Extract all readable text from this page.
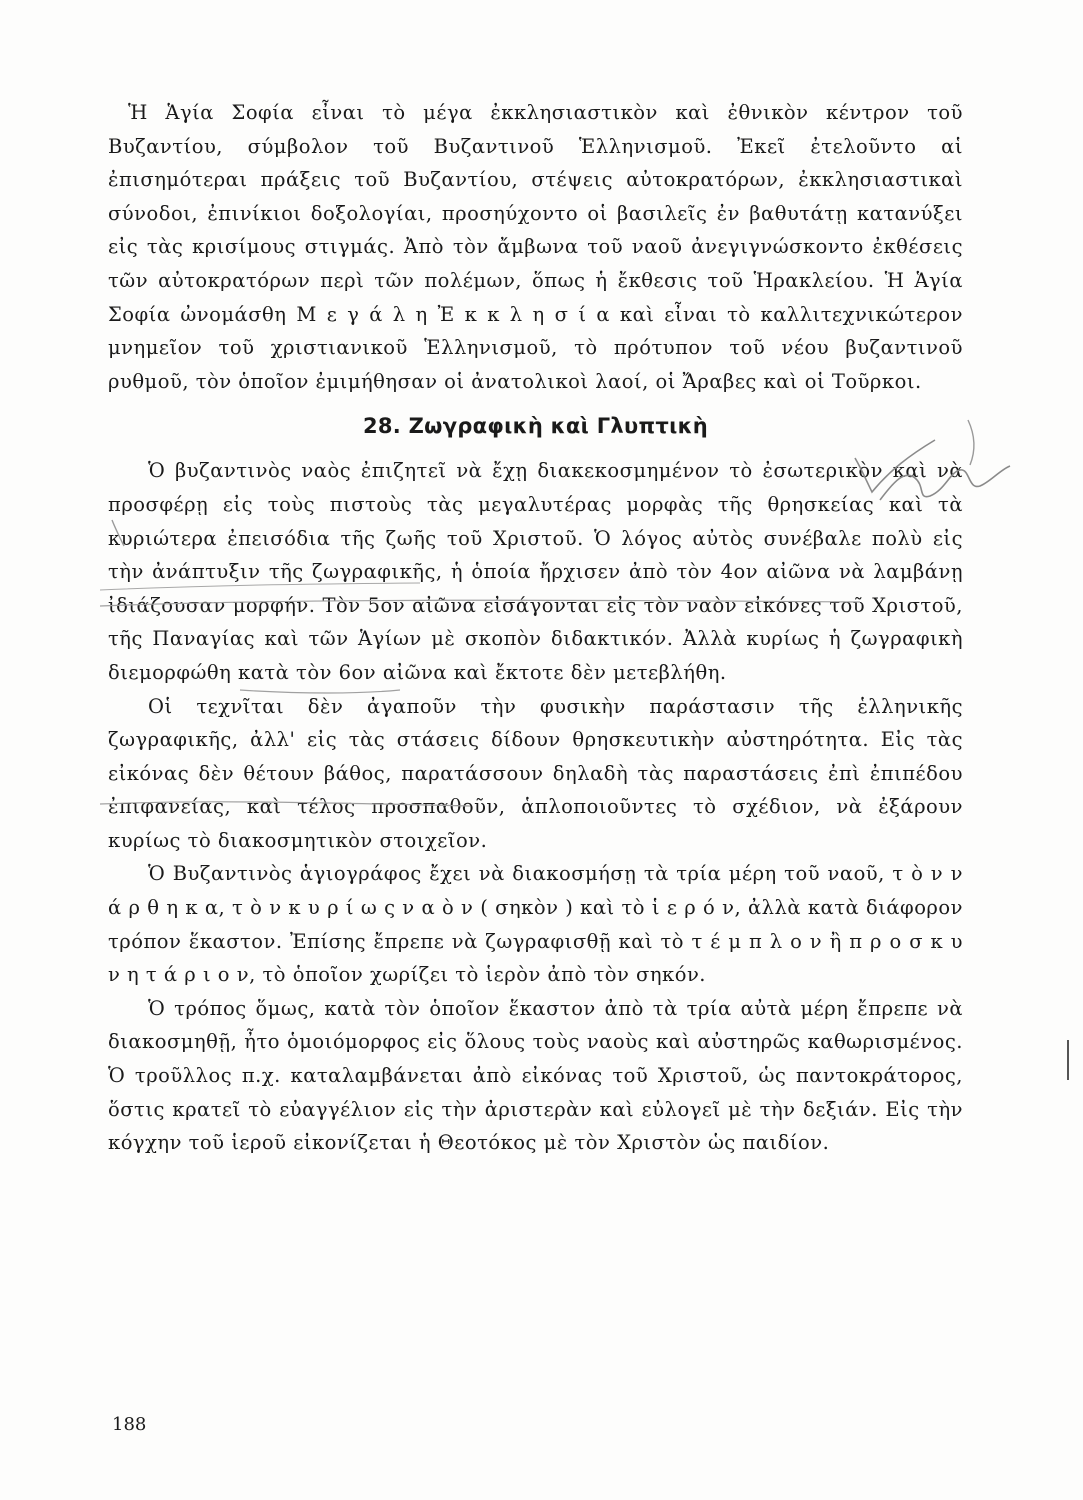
Ἡ Ἁγία Σοφία εἶναι τὸ μέγα ἐκκλησιαστικὸν καὶ ἐθνικὸν κέντρον τοῦ Βυζαντίου, σύμβολον τοῦ Βυζαντινοῦ Ἑλληνισμοῦ. Ἐκεῖ ἐτελοῦντο αἱ ἐπισημότεραι πράξεις τοῦ Βυζαντίου, στέψεις αὐτοκρατόρων, ἐκκλησιαστικαὶ σύνοδοι, ἐπινίκιοι δοξολογίαι, προσηύχοντο οἱ βασιλεῖς ἐν βαθυτάτῃ κατανύξει εἰς τὰς κρισίμους στιγμάς. Ἀπὸ τὸν ἄμβωνα τοῦ ναοῦ ἀνεγιγνώσκοντο ἐκθέσεις τῶν αὐτοκρατόρων περὶ τῶν πολέμων, ὅπως ἡ ἔκθεσις τοῦ Ἡρακλείου. Ἡ Ἁγία Σοφία ὠνομάσθη Μ ε γ ά λ η Ἐ κ κ λ η σ ί α καὶ εἶναι τὸ καλλιτεχνικώτερον μνημεῖον τοῦ χριστιανικοῦ Ἑλληνισμοῦ, τὸ πρότυπον τοῦ νέου βυζαντινοῦ ρυθμοῦ, τὸν ὁποῖον ἐμιμήθησαν οἱ ἀνατολικοὶ λαοί, οἱ Ἄραβες καὶ οἱ Τοῦρκοι.

28. Ζωγραφικὴ καὶ Γλυπτικὴ

Ὁ βυζαντινὸς ναὸς ἐπιζητεῖ νὰ ἔχῃ διακεκοσμημένον τὸ ἐσωτερικὸν καὶ νὰ προσφέρῃ εἰς τοὺς πιστοὺς τὰς μεγαλυτέρας μορφὰς τῆς θρησκείας καὶ τὰ κυριώτερα ἐπεισόδια τῆς ζωῆς τοῦ Χριστοῦ. Ὁ λόγος αὐτὸς συνέβαλε πολὺ εἰς τὴν ἀνάπτυξιν τῆς ζωγραφικῆς, ἡ ὁποία ἤρχισεν ἀπὸ τὸν 4ον αἰῶνα νὰ λαμβάνῃ ἰδιάζουσαν μορφήν. Τὸν 5ον αἰῶνα εἰσάγονται εἰς τὸν ναὸν εἰκόνες τοῦ Χριστοῦ, τῆς Παναγίας καὶ τῶν Ἁγίων μὲ σκοπὸν διδακτικόν. Ἀλλὰ κυρίως ἡ ζωγραφικὴ διεμορφώθη κατὰ τὸν 6ον αἰῶνα καὶ ἔκτοτε δὲν μετεβλήθη.

Οἱ τεχνῖται δὲν ἀγαποῦν τὴν φυσικὴν παράστασιν τῆς ἑλληνικῆς ζωγραφικῆς, ἀλλ' εἰς τὰς στάσεις δίδουν θρησκευτικὴν αὐστηρότητα. Εἰς τὰς εἰκόνας δὲν θέτουν βάθος, παρατάσσουν δηλαδὴ τὰς παραστάσεις ἐπὶ ἐπιπέδου ἐπιφανείας, καὶ τέλος προσπαθοῦν, ἁπλοποιοῦντες τὸ σχέδιον, νὰ ἐξάρουν κυρίως τὸ διακοσμητικὸν στοιχεῖον.

Ὁ Βυζαντινὸς ἁγιογράφος ἔχει νὰ διακοσμήσῃ τὰ τρία μέρη τοῦ ναοῦ, τ ὸ ν ν ά ρ θ η κ α, τ ὸ ν κ υ ρ ί ω ς ν α ὸ ν ( σηκὸν ) καὶ τὸ ἱ ε ρ ό ν, ἀλλὰ κατὰ διάφορον τρόπον ἕκαστον. Ἐπίσης ἔπρεπε νὰ ζωγραφισθῇ καὶ τὸ τ έ μ π λ ο ν ἢ π ρ ο σ κ υ ν η τ ά ρ ι ο ν, τὸ ὁποῖον χωρίζει τὸ ἱερὸν ἀπὸ τὸν σηκόν.

Ὁ τρόπος ὅμως, κατὰ τὸν ὁποῖον ἕκαστον ἀπὸ τὰ τρία αὐτὰ μέρη ἔπρεπε νὰ διακοσμηθῇ, ἦτο ὁμοιόμορφος εἰς ὅλους τοὺς ναοὺς καὶ αὐστηρῶς καθωρισμένος. Ὁ τροῦλλος π.χ. καταλαμβάνεται ἀπὸ εἰκόνας τοῦ Χριστοῦ, ὡς παντοκράτορος, ὅστις κρατεῖ τὸ εὐαγγέλιον εἰς τὴν ἀριστερὰν καὶ εὐλογεῖ μὲ τὴν δεξιάν. Εἰς τὴν κόγχην τοῦ ἱεροῦ εἰκονίζεται ἡ Θεοτόκος μὲ τὸν Χριστὸν ὡς παιδίον.

188
